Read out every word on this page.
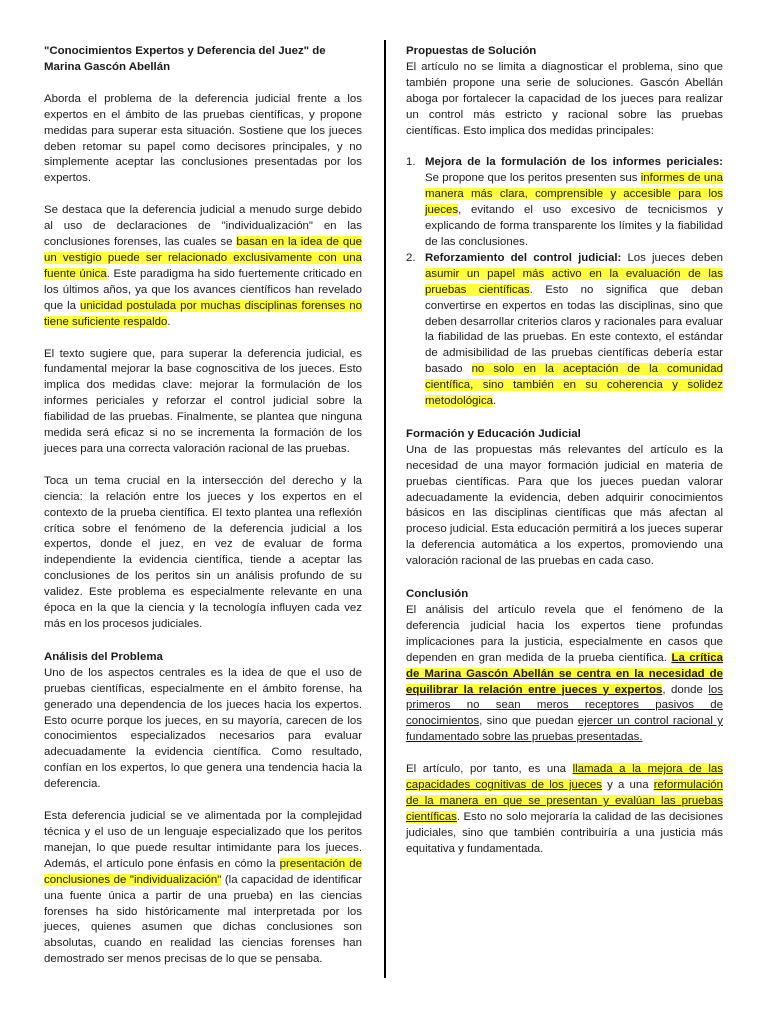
"Conocimientos Expertos y Deferencia del Juez" de Marina Gascón Abellán

Aborda el problema de la deferencia judicial frente a los expertos en el ámbito de las pruebas científicas, y propone medidas para superar esta situación. Sostiene que los jueces deben retomar su papel como decisores principales, y no simplemente aceptar las conclusiones presentadas por los expertos.

Se destaca que la deferencia judicial a menudo surge debido al uso de declaraciones de "individualización" en las conclusiones forenses, las cuales se basan en la idea de que un vestigio puede ser relacionado exclusivamente con una fuente única. Este paradigma ha sido fuertemente criticado en los últimos años, ya que los avances científicos han revelado que la unicidad postulada por muchas disciplinas forenses no tiene suficiente respaldo.

El texto sugiere que, para superar la deferencia judicial, es fundamental mejorar la base cognoscitiva de los jueces. Esto implica dos medidas clave: mejorar la formulación de los informes periciales y reforzar el control judicial sobre la fiabilidad de las pruebas. Finalmente, se plantea que ninguna medida será eficaz si no se incrementa la formación de los jueces para una correcta valoración racional de las pruebas.

Toca un tema crucial en la intersección del derecho y la ciencia: la relación entre los jueces y los expertos en el contexto de la prueba científica. El texto plantea una reflexión crítica sobre el fenómeno de la deferencia judicial a los expertos, donde el juez, en vez de evaluar de forma independiente la evidencia científica, tiende a aceptar las conclusiones de los peritos sin un análisis profundo de su validez. Este problema es especialmente relevante en una época en la que la ciencia y la tecnología influyen cada vez más en los procesos judiciales.

Análisis del Problema

Uno de los aspectos centrales es la idea de que el uso de pruebas científicas, especialmente en el ámbito forense, ha generado una dependencia de los jueces hacia los expertos. Esto ocurre porque los jueces, en su mayoría, carecen de los conocimientos especializados necesarios para evaluar adecuadamente la evidencia científica. Como resultado, confían en los expertos, lo que genera una tendencia hacia la deferencia.

Esta deferencia judicial se ve alimentada por la complejidad técnica y el uso de un lenguaje especializado que los peritos manejan, lo que puede resultar intimidante para los jueces. Además, el artículo pone énfasis en cómo la presentación de conclusiones de "individualización" (la capacidad de identificar una fuente única a partir de una prueba) en las ciencias forenses ha sido históricamente mal interpretada por los jueces, quienes asumen que dichas conclusiones son absolutas, cuando en realidad las ciencias forenses han demostrado ser menos precisas de lo que se pensaba.

Propuestas de Solución

El artículo no se limita a diagnosticar el problema, sino que también propone una serie de soluciones. Gascón Abellán aboga por fortalecer la capacidad de los jueces para realizar un control más estricto y racional sobre las pruebas científicas. Esto implica dos medidas principales:

1. Mejora de la formulación de los informes periciales: Se propone que los peritos presenten sus informes de una manera más clara, comprensible y accesible para los jueces, evitando el uso excesivo de tecnicismos y explicando de forma transparente los límites y la fiabilidad de las conclusiones.
2. Reforzamiento del control judicial: Los jueces deben asumir un papel más activo en la evaluación de las pruebas científicas. Esto no significa que deban convertirse en expertos en todas las disciplinas, sino que deben desarrollar criterios claros y racionales para evaluar la fiabilidad de las pruebas. En este contexto, el estándar de admisibilidad de las pruebas científicas debería estar basado no solo en la aceptación de la comunidad científica, sino también en su coherencia y solidez metodológica.
Formación y Educación Judicial

Una de las propuestas más relevantes del artículo es la necesidad de una mayor formación judicial en materia de pruebas científicas. Para que los jueces puedan valorar adecuadamente la evidencia, deben adquirir conocimientos básicos en las disciplinas científicas que más afectan al proceso judicial. Esta educación permitirá a los jueces superar la deferencia automática a los expertos, promoviendo una valoración racional de las pruebas en cada caso.

Conclusión

El análisis del artículo revela que el fenómeno de la deferencia judicial hacia los expertos tiene profundas implicaciones para la justicia, especialmente en casos que dependen en gran medida de la prueba científica. La crítica de Marina Gascón Abellán se centra en la necesidad de equilibrar la relación entre jueces y expertos, donde los primeros no sean meros receptores pasivos de conocimientos, sino que puedan ejercer un control racional y fundamentado sobre las pruebas presentadas.

El artículo, por tanto, es una llamada a la mejora de las capacidades cognitivas de los jueces y a una reformulación de la manera en que se presentan y evalúan las pruebas científicas. Esto no solo mejoraría la calidad de las decisiones judiciales, sino que también contribuiría a una justicia más equitativa y fundamentada.
